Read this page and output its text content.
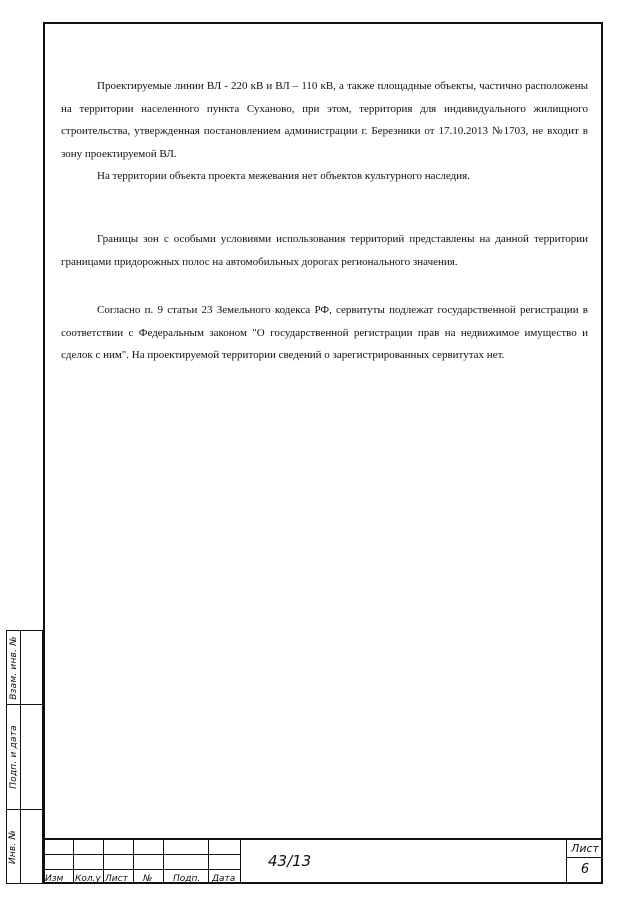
Проектируемые линии ВЛ - 220 кВ и ВЛ – 110 кВ, а также площадные объекты, частично расположены на территории населенного пункта Суханово, при этом, территория для индивидуального жилищного строительства, утвержденная постановлением администрации г. Березники от 17.10.2013 №1703, не входит в зону проектируемой ВЛ.

На территории объекта проекта межевания нет объектов культурного наследия.

Границы зон с особыми условиями использования территорий представлены на данной территории границами придорожных полос на автомобильных дорогах регионального значения.

Согласно п. 9 статьи 23 Земельного кодекса РФ, сервитуты подлежат государственной регистрации в соответствии с Федеральным законом "О государственной регистрации прав на недвижимое имущество и сделок с ним". На проектируемой территории сведений о зарегистрированных сервитутах нет.

Взам. инв. №
Подп. и дата
Инв. №
Изм Кол.у Лист № Подп. Дата
43/13
Лист
6
